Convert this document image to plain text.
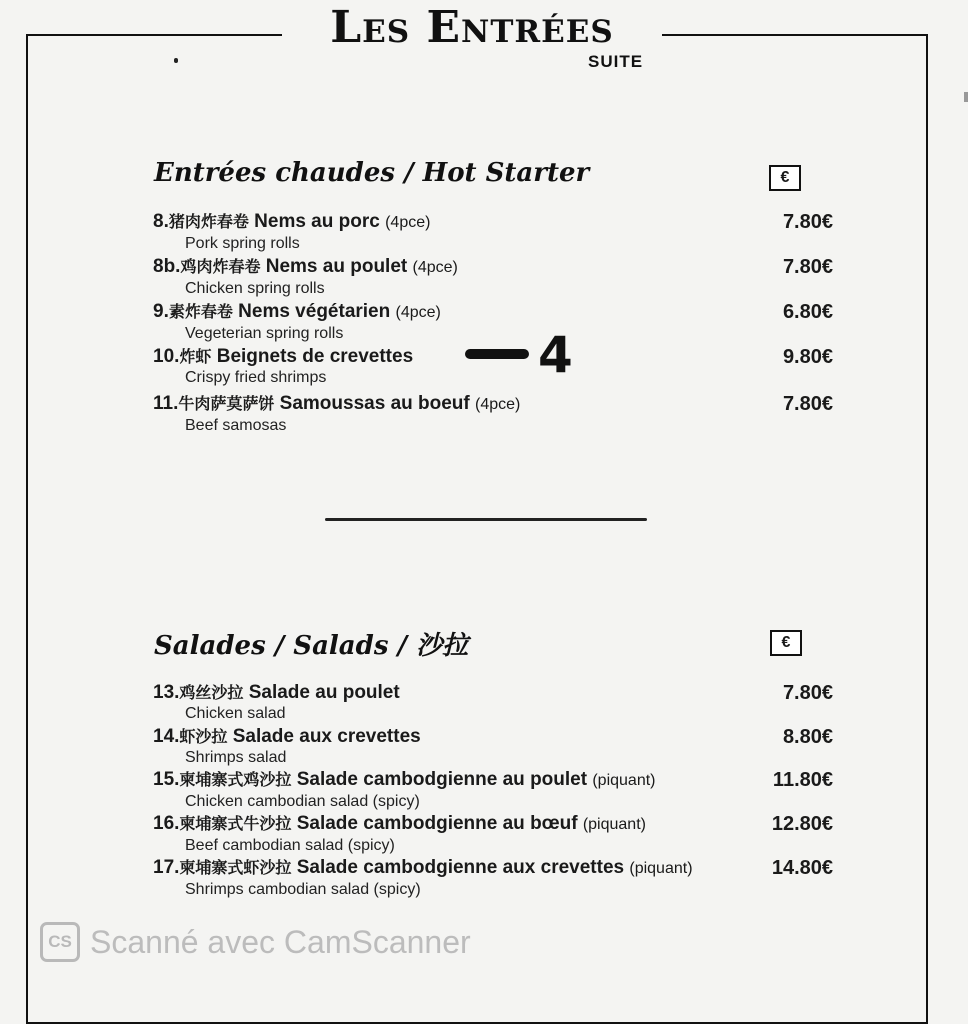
Les Entrées
SUITE
Entrées chaudes / Hot Starter	€
8.猪肉炸春卷 Nems au porc (4pce)
Pork spring rolls
7.80€
8b.鸡肉炸春卷 Nems au poulet (4pce)
Chicken spring rolls
7.80€
9.素炸春卷 Nems végétarien (4pce)
Vegeterian spring rolls
6.80€
10.炸虾 Beignets de crevettes
Crispy fried shrimps
9.80€
4
11.牛肉萨莫萨饼 Samoussas au boeuf (4pce)
Beef samosas
7.80€
Salades / Salads / 沙拉	€
13.鸡丝沙拉 Salade au poulet
Chicken salad
7.80€
14.虾沙拉 Salade aux crevettes
Shrimps salad
8.80€
15.柬埔寨式鸡沙拉 Salade cambodgienne au poulet (piquant)
Chicken cambodian salad (spicy)
11.80€
16.柬埔寨式牛沙拉 Salade cambodgienne au bœuf (piquant)
Beef cambodian salad (spicy)
12.80€
17.柬埔寨式虾沙拉 Salade cambodgienne aux crevettes (piquant)
Shrimps cambodian salad (spicy)
14.80€
CS Scanné avec CamScanner
